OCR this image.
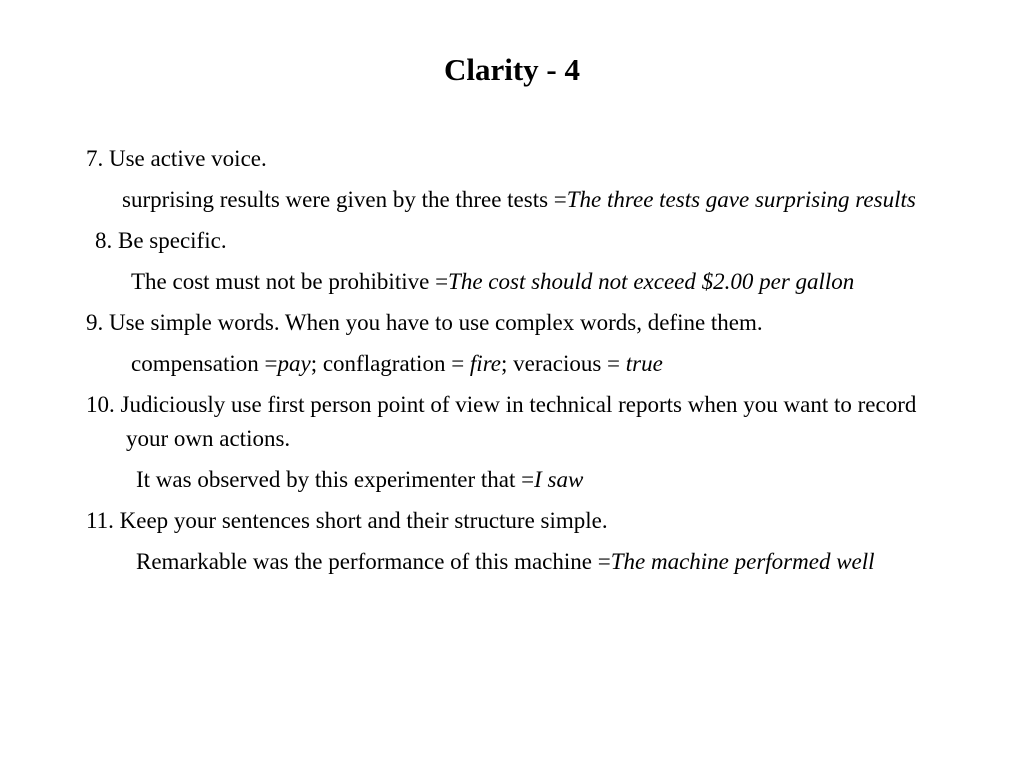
Clarity - 4
7. Use active voice.
surprising results were given by the three tests =The three tests gave surprising results
8. Be specific.
The cost must not be prohibitive =The cost should not exceed $2.00 per gallon
9. Use simple words. When you have to use complex words, define them.
compensation =pay; conflagration = fire; veracious = true
10. Judiciously use first person point of view in technical reports when you want to record your own actions.
It was observed by this experimenter that =I saw
11. Keep your sentences short and their structure simple.
Remarkable was the performance of this machine =The machine performed well
